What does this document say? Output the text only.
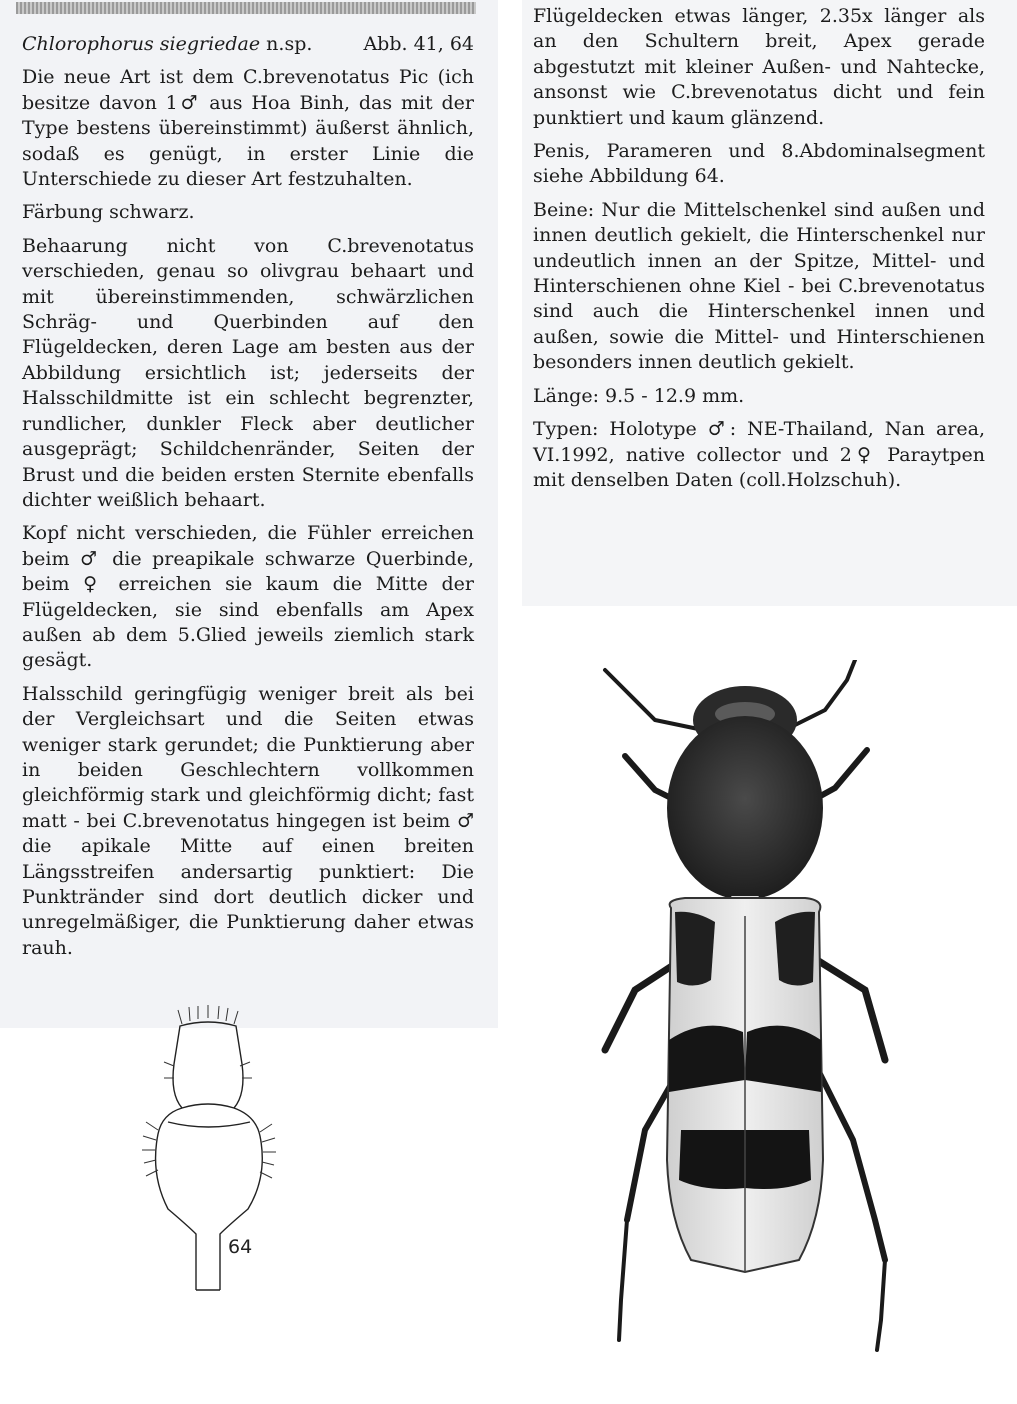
Chlorophorus siegriedae n.sp.	Abb. 41, 64

Die neue Art ist dem C.brevenotatus Pic (ich besitze davon 1♂ aus Hoa Binh, das mit der Type bestens übereinstimmt) äußerst ähnlich, sodaß es genügt, in erster Linie die Unterschiede zu dieser Art festzuhalten.

Färbung schwarz.

Behaarung nicht von C.brevenotatus verschieden, genau so olivgrau behaart und mit übereinstimmenden, schwärzlichen Schräg- und Querbinden auf den Flügeldecken, deren Lage am besten aus der Abbildung ersichtlich ist; jederseits der Halsschildmitte ist ein schlecht begrenzter, rundlicher, dunkler Fleck aber deutlicher ausgeprägt; Schildchenränder, Seiten der Brust und die beiden ersten Sternite ebenfalls dichter weißlich behaart.

Kopf nicht verschieden, die Fühler erreichen beim ♂ die preapikale schwarze Querbinde, beim ♀ erreichen sie kaum die Mitte der Flügeldecken, sie sind ebenfalls am Apex außen ab dem 5.Glied jeweils ziemlich stark gesägt.

Halsschild geringfügig weniger breit als bei der Vergleichsart und die Seiten etwas weniger stark gerundet; die Punktierung aber in beiden Geschlechtern vollkommen gleichförmig stark und gleichförmig dicht; fast matt - bei C.brevenotatus hingegen ist beim ♂ die apikale Mitte auf einen breiten Längsstreifen andersartig punktiert: Die Punktränder sind dort deutlich dicker und unregelmäßiger, die Punktierung daher etwas rauh.

Flügeldecken etwas länger, 2.35x länger als an den Schultern breit, Apex gerade abgestutzt mit kleiner Außen- und Nahtecke, ansonst wie C.brevenotatus dicht und fein punktiert und kaum glänzend.

Penis, Parameren und 8.Abdominalsegment siehe Abbildung 64.

Beine: Nur die Mittelschenkel sind außen und innen deutlich gekielt, die Hinterschenkel nur undeutlich innen an der Spitze, Mittel- und Hinterschienen ohne Kiel - bei C.brevenotatus sind auch die Hinterschenkel innen und außen, sowie die Mittel- und Hinterschienen besonders innen deutlich gekielt.

Länge: 9.5 - 12.9 mm.

Typen: Holotype ♂: NE-Thailand, Nan area, VI.1992, native collector und 2♀ Paraytpen mit denselben Daten (coll.Holzschuh).

64
